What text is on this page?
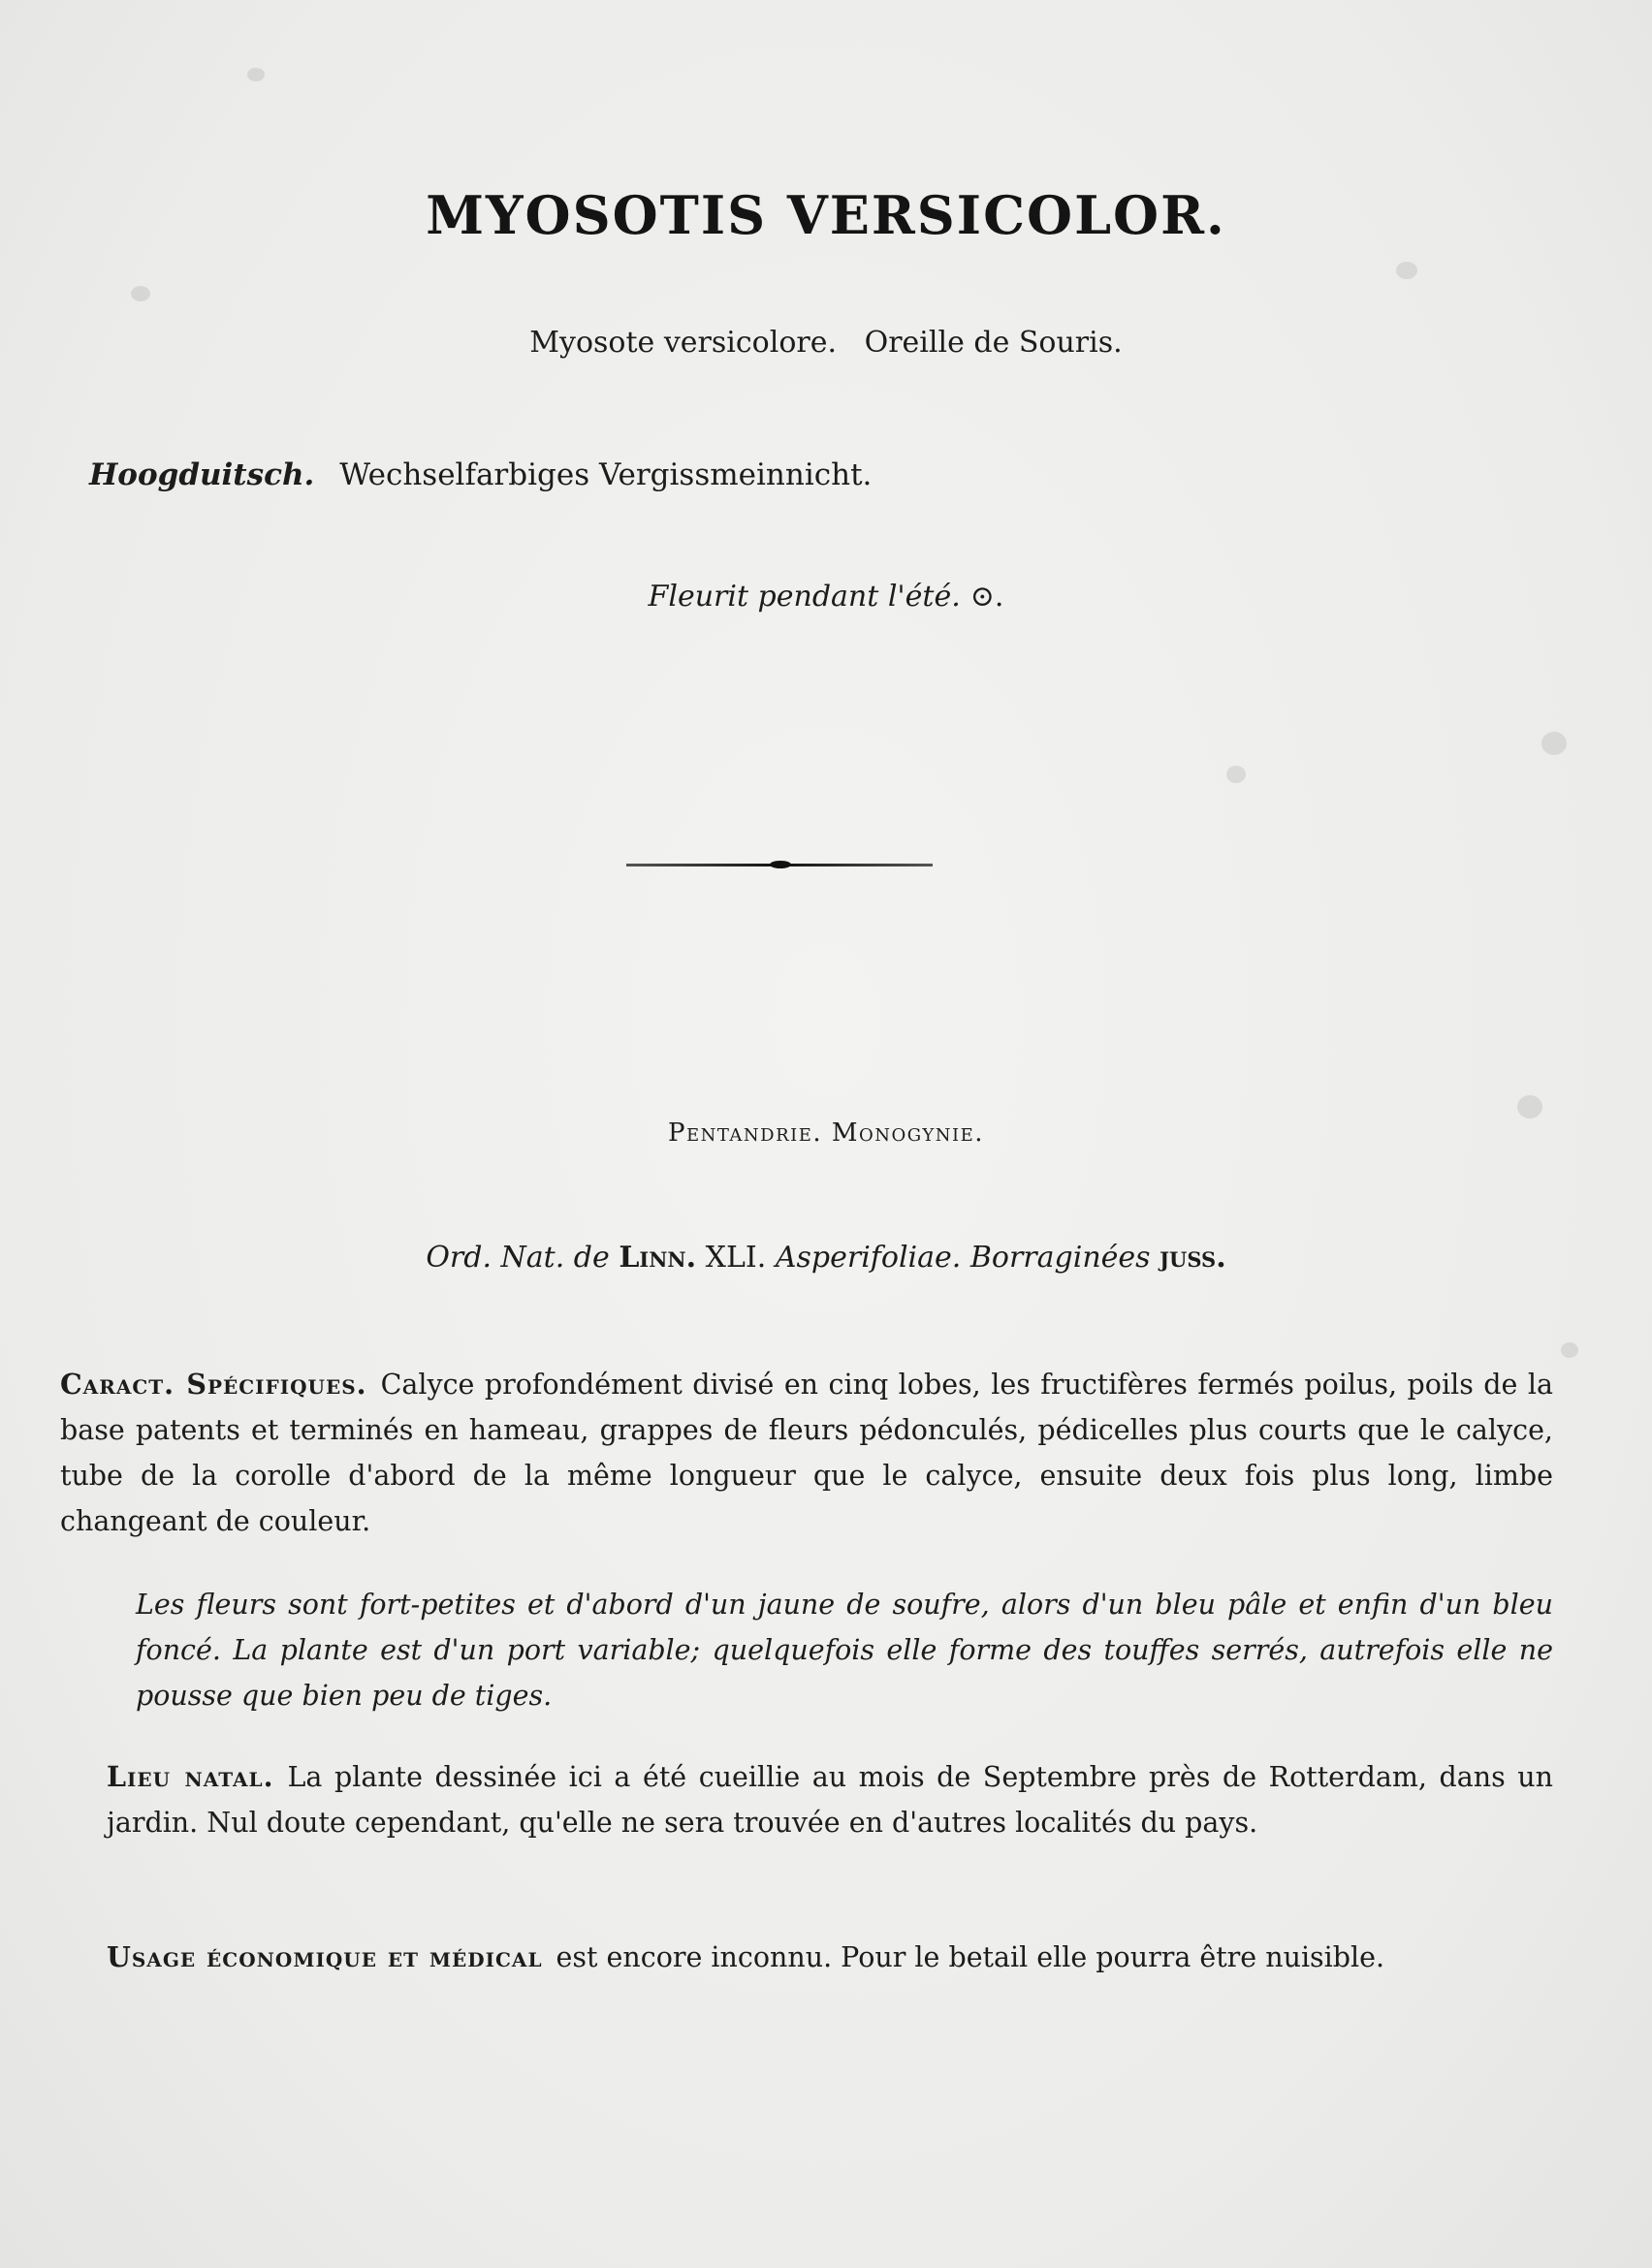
MYOSOTIS VERSICOLOR.
Myosote versicolore.   Oreille de Souris.
Hoogduitsch. Wechselfarbiges Vergissmeinnicht.
Fleurit pendant l'été. ⊙.
Pentandrie. Monogynie.
Ord. Nat. de Linn. XLI. Asperifoliae. Borraginées juss.
Caract. Spécifiques. Calyce profondément divisé en cinq lobes, les fructifères fermés poilus, poils de la base patents et terminés en hameau, grappes de fleurs pédonculés, pédicelles plus courts que le calyce, tube de la corolle d'abord de la même longueur que le calyce, ensuite deux fois plus long, limbe changeant de couleur.
Les fleurs sont fort-petites et d'abord d'un jaune de soufre, alors d'un bleu pâle et enfin d'un bleu foncé. La plante est d'un port variable; quelquefois elle forme des touffes serrés, autrefois elle ne pousse que bien peu de tiges.
Lieu natal. La plante dessinée ici a été cueillie au mois de Septembre près de Rotterdam, dans un jardin. Nul doute cependant, qu'elle ne sera trouvée en d'autres localités du pays.
Usage économique et médical est encore inconnu. Pour le betail elle pourra être nuisible.
